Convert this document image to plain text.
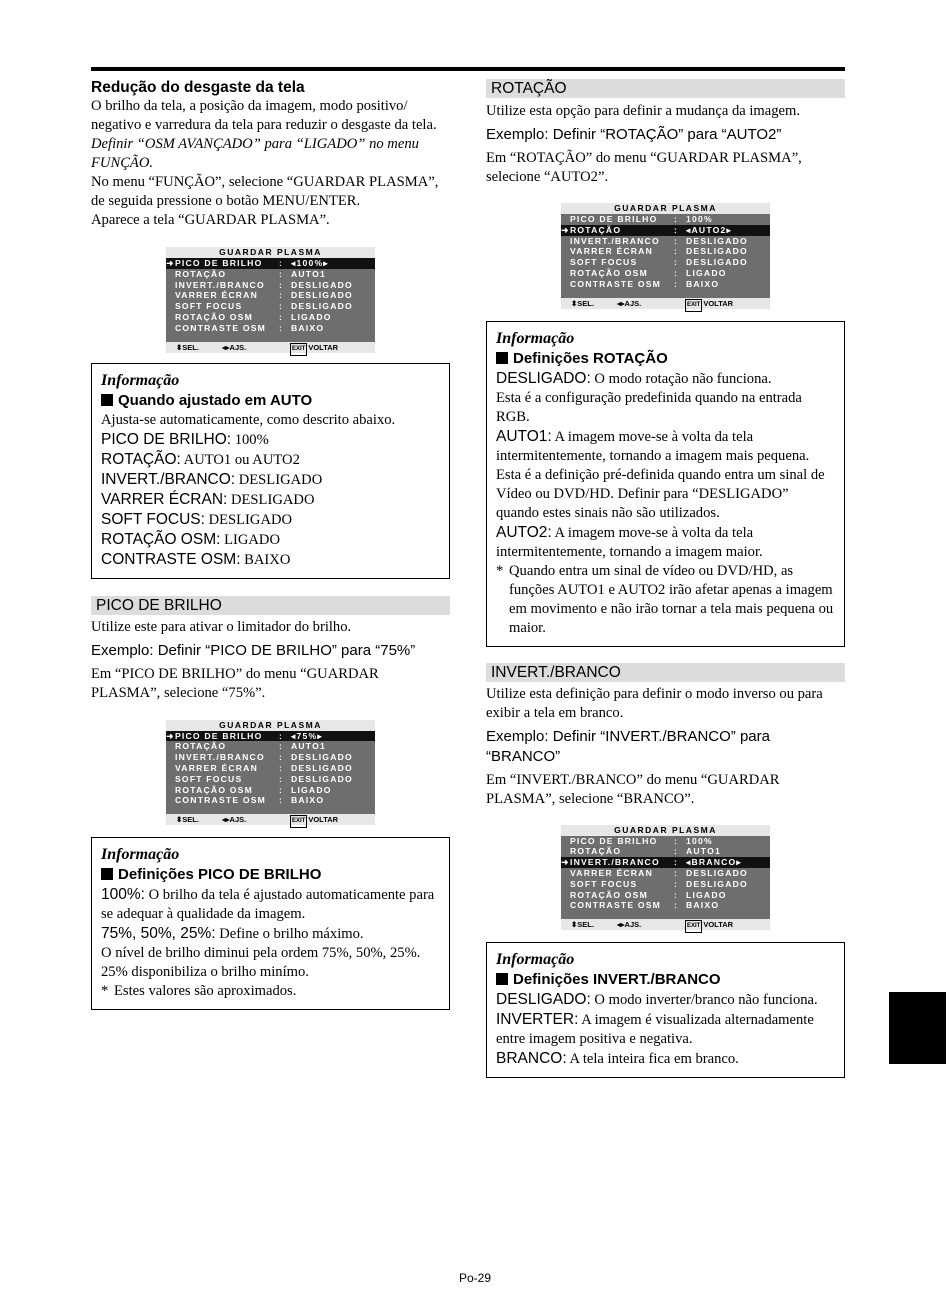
Redução do desgaste da tela

O brilho da tela, a posição da imagem, modo positivo/ negativo e varredura da tela para reduzir o desgaste da tela.

Definir “OSM AVANÇADO” para “LIGADO” no menu FUNÇÃO.

No menu “FUNÇÃO”, selecione “GUARDAR PLASMA”, de seguida pressione o botão MENU/ENTER.

Aparece a tela “GUARDAR PLASMA”.

GUARDAR PLASMA
➜ PICO DE BRILHO	: ◂100%▸
ROTAÇÃO	: AUTO1
INVERT./BRANCO	: DESLIGADO
VARRER ÉCRAN	: DESLIGADO
SOFT FOCUS	: DESLIGADO
ROTAÇÃO OSM	: LIGADO
CONTRASTE OSM	: BAIXO
⬍SEL.	◂▸AJS.	EXIT VOLTAR

Informação

Quando ajustado em AUTO

Ajusta-se automaticamente, como descrito abaixo.

PICO DE BRILHO: 100%

ROTAÇÃO: AUTO1 ou AUTO2

INVERT./BRANCO: DESLIGADO

VARRER ÉCRAN: DESLIGADO

SOFT FOCUS: DESLIGADO

ROTAÇÃO OSM: LIGADO

CONTRASTE OSM: BAIXO

PICO DE BRILHO

Utilize este para ativar o limitador do brilho.

Exemplo: Definir “PICO DE BRILHO” para “75%”

Em “PICO DE BRILHO” do menu “GUARDAR PLASMA”, selecione “75%”.

GUARDAR PLASMA
➜ PICO DE BRILHO	: ◂75%▸
ROTAÇÃO	: AUTO1
INVERT./BRANCO	: DESLIGADO
VARRER ÉCRAN	: DESLIGADO
SOFT FOCUS	: DESLIGADO
ROTAÇÃO OSM	: LIGADO
CONTRASTE OSM	: BAIXO
⬍SEL.	◂▸AJS.	EXIT VOLTAR

Informação

Definições PICO DE BRILHO

100%: O brilho da tela é ajustado automaticamente para se adequar à qualidade da imagem.

75%, 50%, 25%: Define o brilho máximo.

O nível de brilho diminui pela ordem 75%, 50%, 25%. 25% disponibiliza o brilho minímo.

* Estes valores são aproximados.

ROTAÇÃO

Utilize esta opção para definir a mudança da imagem.

Exemplo: Definir “ROTAÇÃO” para “AUTO2”

Em “ROTAÇÃO” do menu “GUARDAR PLASMA”, selecione “AUTO2”.

GUARDAR PLASMA
PICO DE BRILHO	: 100%
➜ ROTAÇÃO	: ◂AUTO2▸
INVERT./BRANCO	: DESLIGADO
VARRER ÉCRAN	: DESLIGADO
SOFT FOCUS	: DESLIGADO
ROTAÇÃO OSM	: LIGADO
CONTRASTE OSM	: BAIXO
⬍SEL.	◂▸AJS.	EXIT VOLTAR

Informação

Definições ROTAÇÃO

DESLIGADO: O modo rotação não funciona.

Esta é a configuração predefinida quando na entrada RGB.

AUTO1: A imagem move-se à volta da tela intermitentemente, tornando a imagem mais pequena.

Esta é a definição pré-definida quando entra um sinal de Vídeo ou DVD/HD. Definir para “DESLIGADO” quando estes sinais não são utilizados.

AUTO2: A imagem move-se à volta da tela intermitentemente, tornando a imagem maior.

* Quando entra um sinal de vídeo ou DVD/HD, as funções AUTO1 e AUTO2 irão afetar apenas a imagem em movimento e não irão tornar a tela mais pequena ou maior.

INVERT./BRANCO

Utilize esta definição para definir o modo inverso ou para exibir a tela em branco.

Exemplo: Definir “INVERT./BRANCO” para “BRANCO”

Em “INVERT./BRANCO” do menu “GUARDAR PLASMA”, selecione “BRANCO”.

GUARDAR PLASMA
PICO DE BRILHO	: 100%
ROTAÇÃO	: AUTO1
➜ INVERT./BRANCO	: ◂BRANCO▸
VARRER ÉCRAN	: DESLIGADO
SOFT FOCUS	: DESLIGADO
ROTAÇÃO OSM	: LIGADO
CONTRASTE OSM	: BAIXO
⬍SEL.	◂▸AJS.	EXIT VOLTAR

Informação

Definições INVERT./BRANCO

DESLIGADO: O modo inverter/branco não funciona.

INVERTER: A imagem é visualizada alternadamente entre imagem positiva e negativa.

BRANCO: A tela inteira fica em branco.

Po-29
